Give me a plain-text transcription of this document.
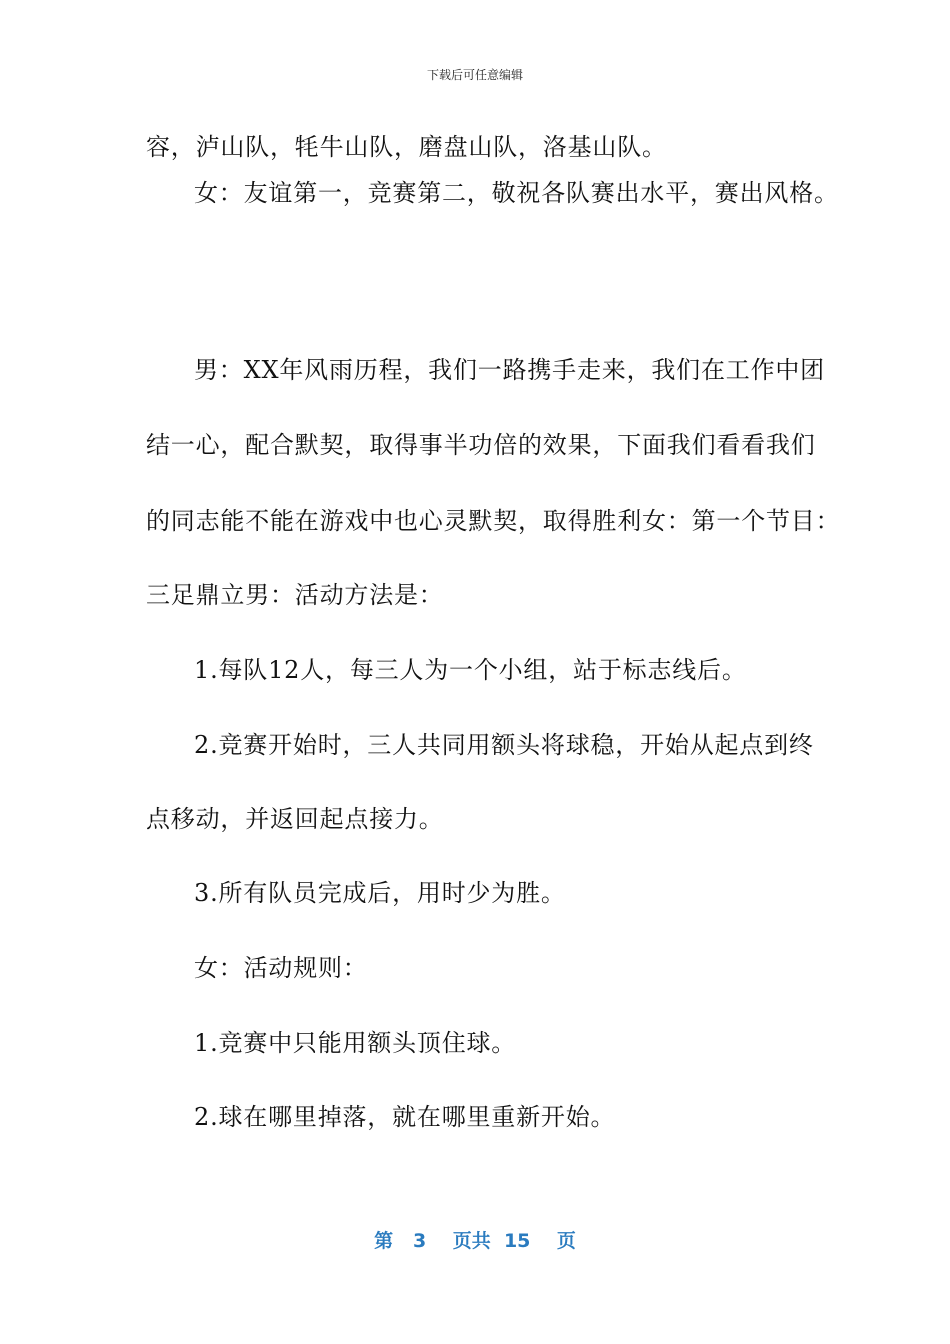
下载后可任意编辑
容，泸山队，牦牛山队，磨盘山队，洛基山队。
女：友谊第一，竞赛第二，敬祝各队赛出水平，赛出风格。
男：XX年风雨历程，我们一路携手走来，我们在工作中团
结一心，配合默契，取得事半功倍的效果，下面我们看看我们
的同志能不能在游戏中也心灵默契，取得胜利女：第一个节目：
三足鼎立男：活动方法是：
1.每队12人，每三人为一个小组，站于标志线后。
2.竞赛开始时，三人共同用额头将球稳，开始从起点到终
点移动，并返回起点接力。
3.所有队员完成后，用时少为胜。
女：活动规则：
1.竞赛中只能用额头顶住球。
2.球在哪里掉落，就在哪里重新开始。
第 3 页共 15 页
